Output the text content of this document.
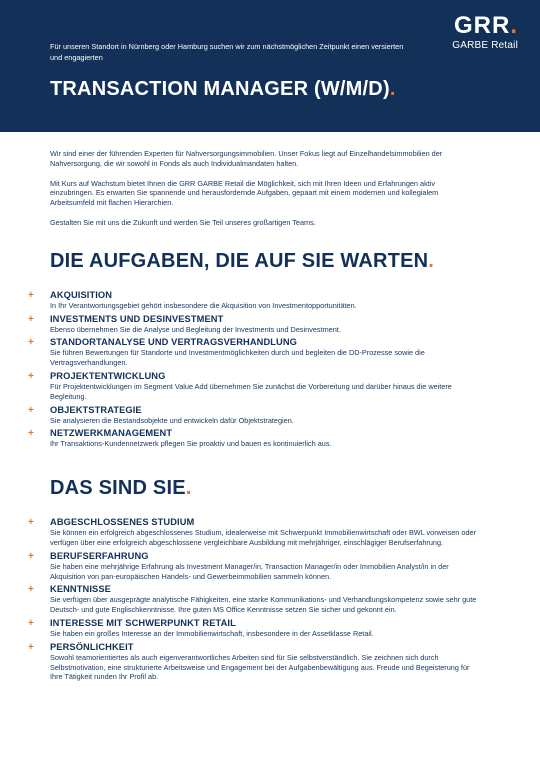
Für unseren Standort in Nürnberg oder Hamburg suchen wir zum nächstmöglichen Zeitpunkt einen versierten und engagierten
TRANSACTION MANAGER (W/M/D).
GRR.
GARBE Retail

Wir sind einer der führenden Experten für Nahversorgungsimmobilien. Unser Fokus liegt auf Einzelhandelsimmobilien der Nahversorgung, die wir sowohl in Fonds als auch Individualmandaten halten.

Mit Kurs auf Wachstum bietet Ihnen die GRR GARBE Retail die Möglichkeit, sich mit Ihren Ideen und Erfahrungen aktiv einzubringen. Es erwarten Sie spannende und herausfordernde Aufgaben, gepaart mit einem modernen und kollegialem Arbeitsumfeld mit flachen Hierarchien.

Gestalten Sie mit uns die Zukunft und werden Sie Teil unseres großartigen Teams.

DIE AUFGABEN, DIE AUF SIE WARTEN.
+ AKQUISITION
In Ihr Verantwortungsgebiet gehört insbesondere die Akquisition von Investmentopportunitäten.
+ INVESTMENTS UND DESINVESTMENT
Ebenso übernehmen Sie die Analyse und Begleitung der Investments und Desinvestment.
+ STANDORTANALYSE UND VERTRAGSVERHANDLUNG
Sie führen Bewertungen für Standorte und Investmentmöglichkeiten durch und begleiten die DD-Prozesse sowie die Vertragsverhandlungen.
+ PROJEKTENTWICKLUNG
Für Projektentwicklungen im Segment Value Add übernehmen Sie zunächst die Vorbereitung und darüber hinaus die weitere Begleitung.
+ OBJEKTSTRATEGIE
Sie analysieren die Bestandsobjekte und entwickeln dafür Objektstrategien.
+ NETZWERKMANAGEMENT
Ihr Transaktions-Kundennetzwerk pflegen Sie proaktiv und bauen es kontinuierlich aus.
DAS SIND SIE.
+ ABGESCHLOSSENES STUDIUM
Sie können ein erfolgreich abgeschlossenes Studium, idealerweise mit Schwerpunkt Immobilienwirtschaft oder BWL vorweisen oder verfügen über eine erfolgreich abgeschlossene vergleichbare Ausbildung mit mehrjähriger, einschlägiger Berufserfahrung.
+ BERUFSERFAHRUNG
Sie haben eine mehrjährige Erfahrung als Investment Manager/in, Transaction Manager/in oder Immobilien Analyst/in in der Akquisition von pan-europäischen Handels- und Gewerbeimmobilien sammeln können.
+ KENNTNISSE
Sie verfügen über ausgeprägte analytische Fähigkeiten, eine starke Kommunikations- und Verhandlungskompetenz sowie sehr gute Deutsch- und gute Englischkenntnisse. Ihre guten MS Office Kenntnisse setzen Sie sicher und gekonnt ein.
+ INTERESSE MIT SCHWERPUNKT RETAIL
Sie haben ein großes Interesse an der Immobilienwirtschaft, insbesondere in der Assetklasse Retail.
+ PERSÖNLICHKEIT
Sowohl teamorientiertes als auch eigenverantwortliches Arbeiten sind für Sie selbstverständlich. Sie zeichnen sich durch Selbstmotivation, eine strukturierte Arbeitsweise und Engagement bei der Aufgabenbewältigung aus. Freude und Begeisterung für Ihre Tätigkeit runden Ihr Profil ab.
